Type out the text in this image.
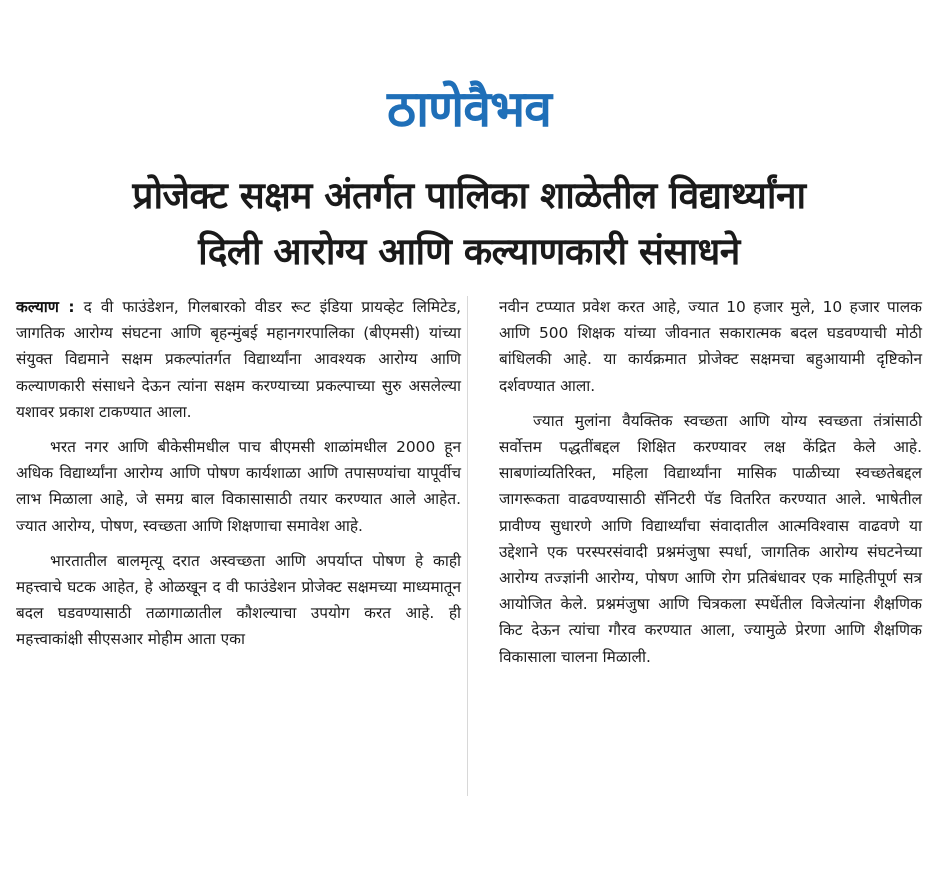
ठाणेवैभव
प्रोजेक्ट सक्षम अंतर्गत पालिका शाळेतील विद्यार्थ्यांना
दिली आरोग्य आणि कल्याणकारी संसाधने

कल्याण : द वी फाउंडेशन, गिलबारको वीडर रूट इंडिया प्रायव्हेट लिमिटेड, जागतिक आरोग्य संघटना आणि बृहन्मुंबई महानगरपालिका (बीएमसी) यांच्या संयुक्त विद्यमाने सक्षम प्रकल्पांतर्गत विद्यार्थ्यांना आवश्यक आरोग्य आणि कल्याणकारी संसाधने देऊन त्यांना सक्षम करण्याच्या प्रकल्पाच्या सुरु असलेल्या यशावर प्रकाश टाकण्यात आला.

भरत नगर आणि बीकेसीमधील पाच बीएमसी शाळांमधील 2000 हून अधिक विद्यार्थ्यांना आरोग्य आणि पोषण कार्यशाळा आणि तपासण्यांचा यापूर्वीच लाभ मिळाला आहे, जे समग्र बाल विकासासाठी तयार करण्यात आले आहेत. ज्यात आरोग्य, पोषण, स्वच्छता आणि शिक्षणाचा समावेश आहे.

भारतातील बालमृत्यू दरात अस्वच्छता आणि अपर्याप्त पोषण हे काही महत्त्वाचे घटक आहेत, हे ओळखून द वी फाउंडेशन प्रोजेक्ट सक्षमच्या माध्यमातून बदल घडवण्यासाठी तळागाळातील कौशल्याचा उपयोग करत आहे. ही महत्त्वाकांक्षी सीएसआर मोहीम आता एका

नवीन टप्प्यात प्रवेश करत आहे, ज्यात 10 हजार मुले, 10 हजार पालक आणि 500 शिक्षक यांच्या जीवनात सकारात्मक बदल घडवण्याची मोठी बांधिलकी आहे. या कार्यक्रमात प्रोजेक्ट सक्षमचा बहुआयामी दृष्टिकोन दर्शवण्यात आला.

ज्यात मुलांना वैयक्तिक स्वच्छता आणि योग्य स्वच्छता तंत्रांसाठी सर्वोत्तम पद्धतींबद्दल शिक्षित करण्यावर लक्ष केंद्रित केले आहे. साबणांव्यतिरिक्त, महिला विद्यार्थ्यांना मासिक पाळीच्या स्वच्छतेबद्दल जागरूकता वाढवण्यासाठी सॅनिटरी पॅड वितरित करण्यात आले. भाषेतील प्रावीण्य सुधारणे आणि विद्यार्थ्यांचा संवादातील आत्मविश्वास वाढवणे या उद्देशाने एक परस्परसंवादी प्रश्नमंजुषा स्पर्धा, जागतिक आरोग्य संघटनेच्या आरोग्य तज्ज्ञांनी आरोग्य, पोषण आणि रोग प्रतिबंधावर एक माहितीपूर्ण सत्र आयोजित केले. प्रश्नमंजुषा आणि चित्रकला स्पर्धेतील विजेत्यांना शैक्षणिक किट देऊन त्यांचा गौरव करण्यात आला, ज्यामुळे प्रेरणा आणि शैक्षणिक विकासाला चालना मिळाली.
